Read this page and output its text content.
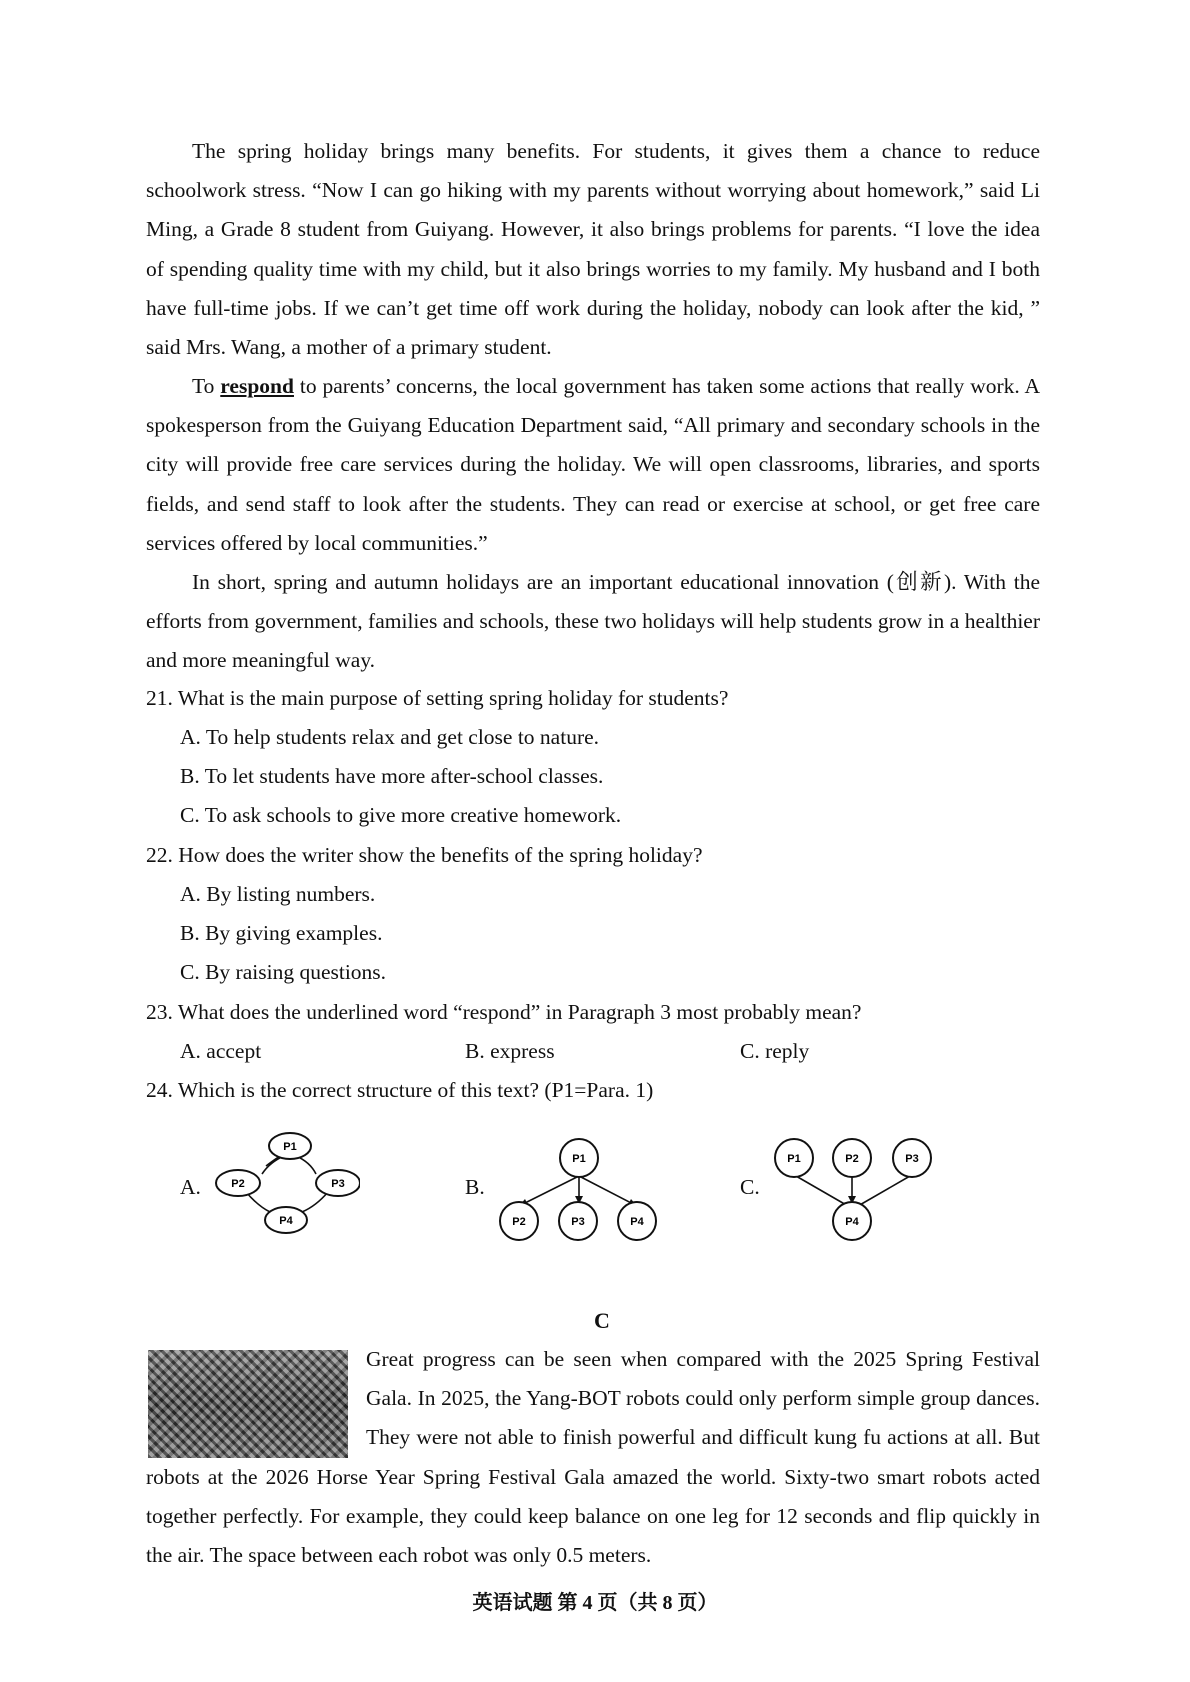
The spring holiday brings many benefits. For students, it gives them a chance to reduce schoolwork stress. “Now I can go hiking with my parents without worrying about homework,” said Li Ming, a Grade 8 student from Guiyang. However, it also brings problems for parents. “I love the idea of spending quality time with my child, but it also brings worries to my family. My husband and I both have full-time jobs. If we can’t get time off work during the holiday, nobody can look after the kid, ” said Mrs. Wang, a mother of a primary student.

To respond to parents’ concerns, the local government has taken some actions that really work. A spokesperson from the Guiyang Education Department said, “All primary and secondary schools in the city will provide free care services during the holiday. We will open classrooms, libraries, and sports fields, and send staff to look after the students. They can read or exercise at school, or get free care services offered by local communities.”

In short, spring and autumn holidays are an important educational innovation (创新). With the efforts from government, families and schools, these two holidays will help students grow in a healthier and more meaningful way.

21. What is the main purpose of setting spring holiday for students?
A. To help students relax and get close to nature.
B. To let students have more after-school classes.
C. To ask schools to give more creative homework.
22. How does the writer show the benefits of the spring holiday?
A. By listing numbers.
B. By giving examples.
C. By raising questions.
23. What does the underlined word “respond” in Paragraph 3 most probably mean?
A. accept	B. express	C. reply
24. Which is the correct structure of this text? (P1=Para. 1)
A.	B.	C.
P1
P2	P3
P4
P1
P2	P3	P4
P1	P2	P3
P4
C

Great progress can be seen when compared with the 2025 Spring Festival Gala. In 2025, the Yang-BOT robots could only perform simple group dances. They were not able to finish powerful and difficult kung fu actions at all. But robots at the 2026 Horse Year Spring Festival Gala amazed the world. Sixty-two smart robots acted together perfectly. For example, they could keep balance on one leg for 12 seconds and flip quickly in the air. The space between each robot was only 0.5 meters.

英语试题 第 4 页（共 8 页）
